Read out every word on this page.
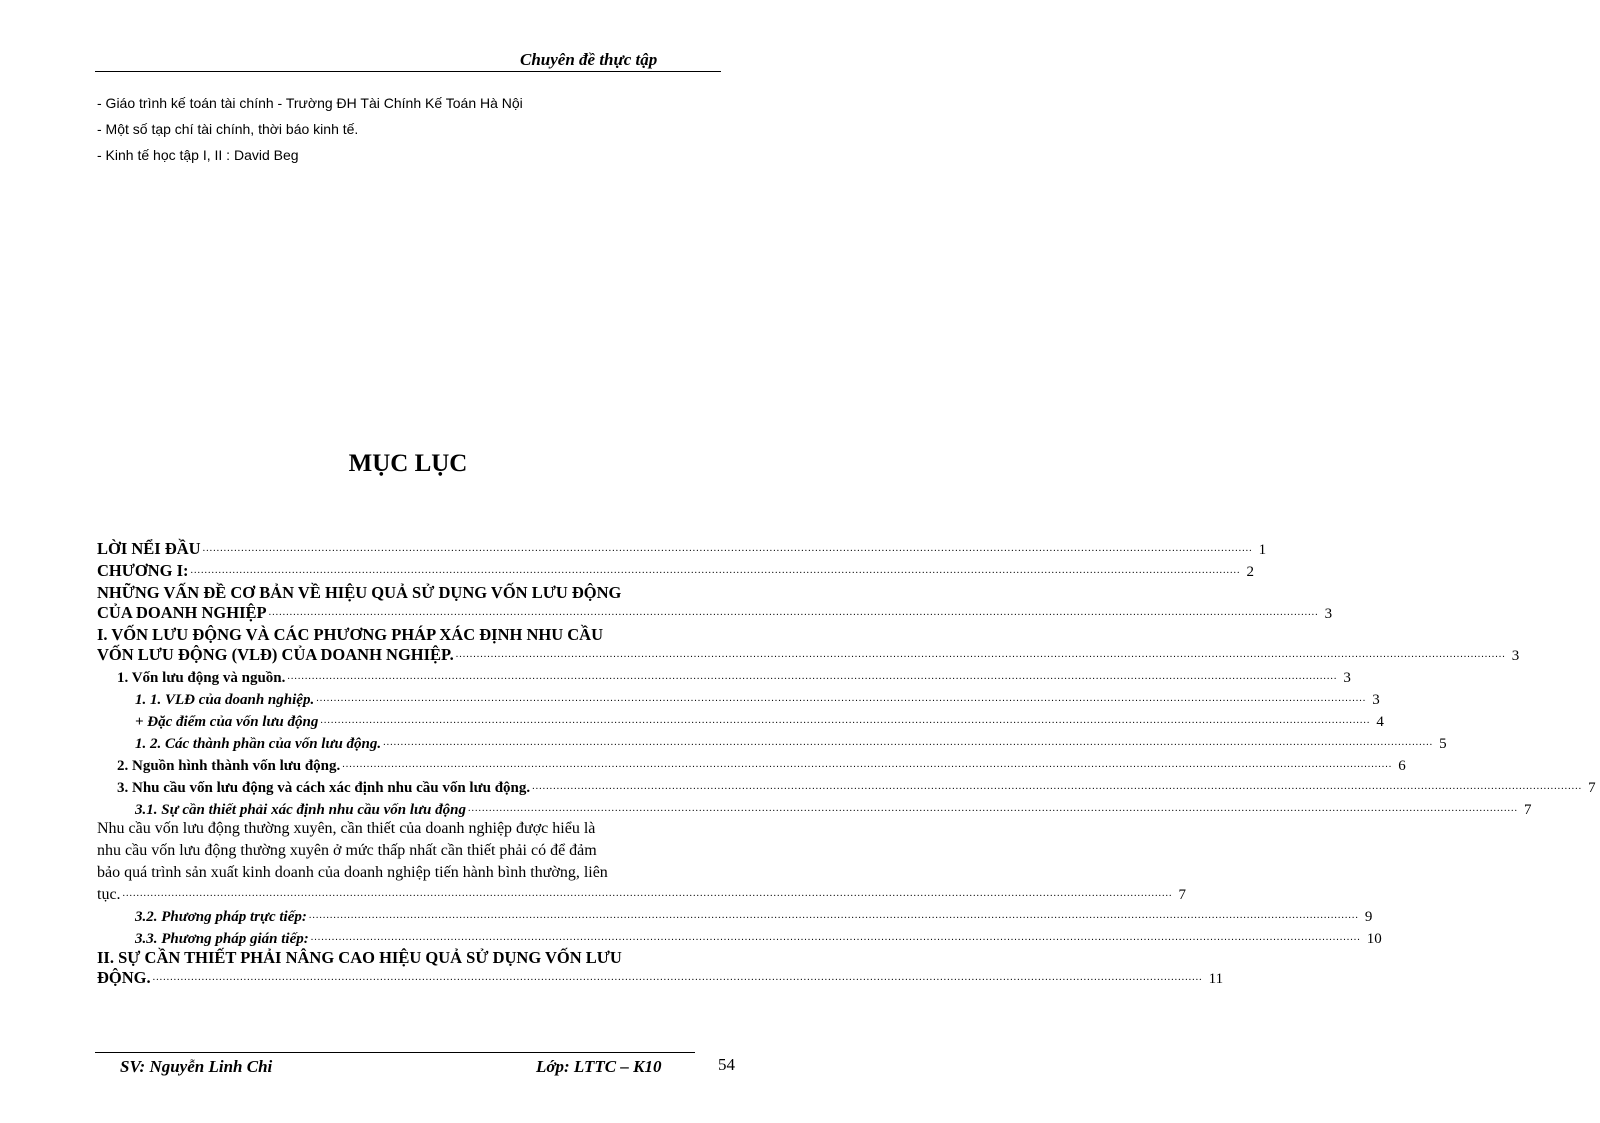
Chuyên đề thực tập
- Giáo trình kế toán tài chính - Trường ĐH Tài Chính Kế Toán Hà Nội
- Một số tạp chí tài chính, thời báo kinh tế.
- Kinh tế học tập I, II : David Beg
MỤC LỤC
LỜI NỂI ĐẦU ............................................................................................................................................................................................................................................................................................................ 1
CHƯƠNG I: ............................................................................................................................................................................................................................................................................................................ 2
NHỮNG VẤN ĐỀ CƠ BẢN VỀ HIỆU QUẢ SỬ DỤNG VỐN LƯU ĐỘNG
CỦA DOANH NGHIỆP ............................................................................................................................................................................................................................................................................................................ 3
I. VỐN LƯU ĐỘNG VÀ CÁC PHƯƠNG PHÁP XÁC ĐỊNH NHU CẦU
VỐN LƯU ĐỘNG (VLĐ) CỦA DOANH NGHIỆP. ............................................................................................................................................................................................................................................................................................................ 3
1. Vốn lưu động và nguồn. ............................................................................................................................................................................................................................................................................................................ 3
1. 1. VLĐ của doanh nghiệp. ............................................................................................................................................................................................................................................................................................................ 3
+ Đặc điểm của vốn lưu động ............................................................................................................................................................................................................................................................................................................ 4
1. 2. Các thành phần của vốn lưu động. ............................................................................................................................................................................................................................................................................................................ 5
2. Nguồn hình thành vốn lưu động. ............................................................................................................................................................................................................................................................................................................ 6
3. Nhu cầu vốn lưu động và cách xác định nhu cầu vốn lưu động. ............................................................................................................................................................................................................................................................................................................ 7
3.1. Sự cần thiết phải xác định nhu cầu vốn lưu động ............................................................................................................................................................................................................................................................................................................ 7
Nhu cầu vốn lưu động thường xuyên, cần thiết của doanh nghiệp được hiểu là
nhu cầu vốn lưu động thường xuyên ở mức thấp nhất cần thiết phải có để đảm
bảo quá trình sản xuất kinh doanh của doanh nghiệp tiến hành bình thường, liên
tục. ............................................................................................................................................................................................................................................................................................................ 7
3.2. Phương pháp trực tiếp: ............................................................................................................................................................................................................................................................................................................ 9
3.3. Phương pháp gián tiếp: ............................................................................................................................................................................................................................................................................................................ 10
II. SỰ CẦN THIẾT PHẢI NÂNG CAO HIỆU QUẢ SỬ DỤNG VỐN LƯU
ĐỘNG. ............................................................................................................................................................................................................................................................................................................ 11
SV: Nguyễn Linh Chi	Lớp: LTTC – K10	54
